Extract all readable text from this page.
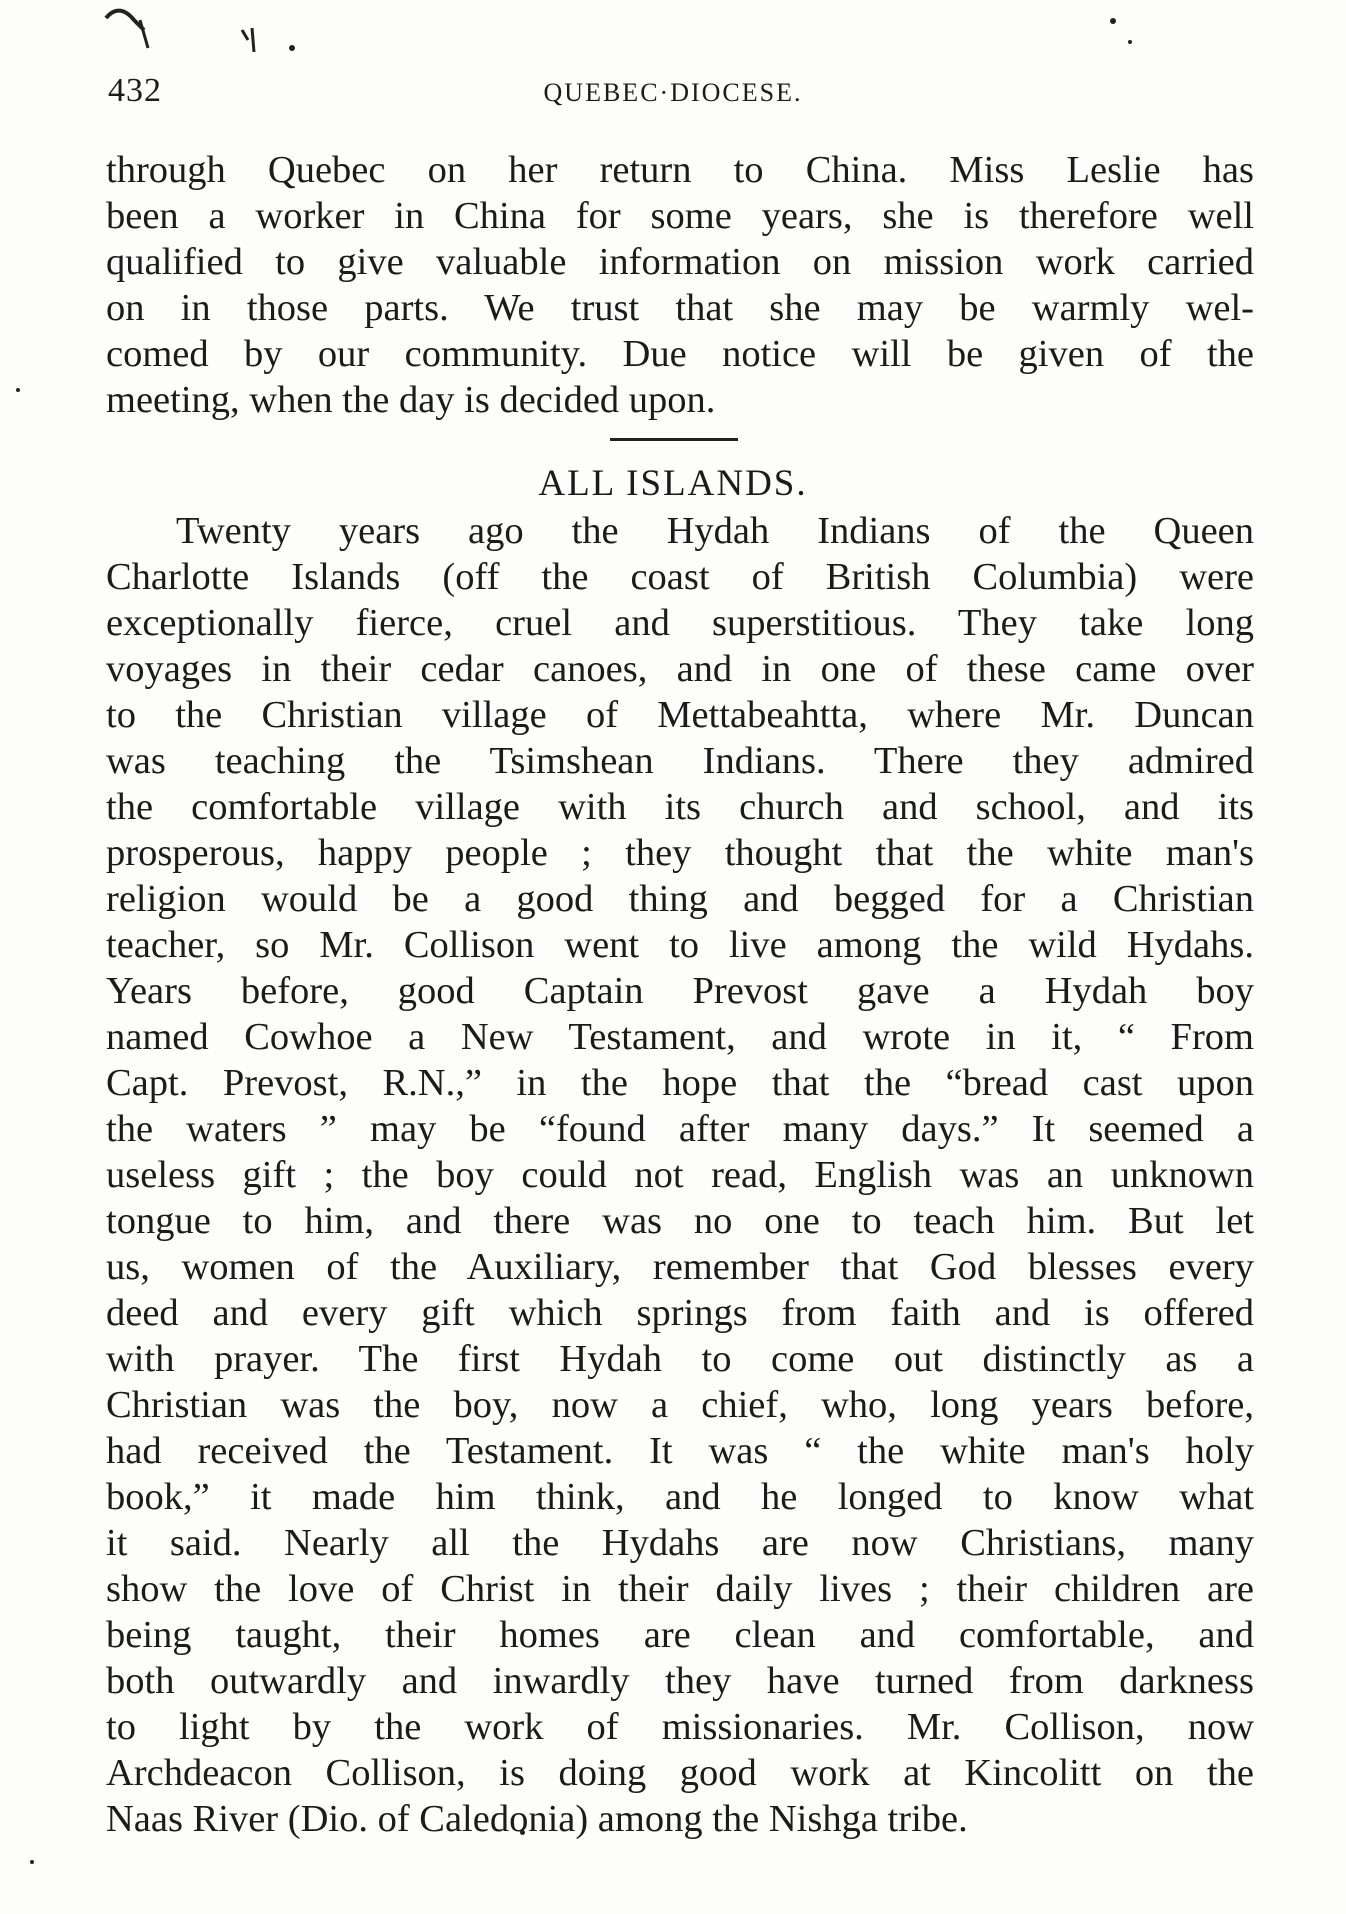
432	QUEBEC·DIOCESE.
through Quebec on her return to China. Miss Leslie has
been a worker in China for some years, she is therefore well
qualified to give valuable information on mission work carried
on in those parts. We trust that she may be warmly wel-
comed by our community. Due notice will be given of the
meeting, when the day is decided upon.
ALL ISLANDS.
Twenty years ago the Hydah Indians of the Queen
Charlotte Islands (off the coast of British Columbia) were
exceptionally fierce, cruel and superstitious. They take long
voyages in their cedar canoes, and in one of these came over
to the Christian village of Mettabeahtta, where Mr. Duncan
was teaching the Tsimshean Indians. There they admired
the comfortable village with its church and school, and its
prosperous, happy people ; they thought that the white man's
religion would be a good thing and begged for a Christian
teacher, so Mr. Collison went to live among the wild Hydahs.
Years before, good Captain Prevost gave a Hydah boy
named Cowhoe a New Testament, and wrote in it, “ From
Capt. Prevost, R.N.,” in the hope that the “bread cast upon
the waters ” may be “found after many days.” It seemed a
useless gift ; the boy could not read, English was an unknown
tongue to him, and there was no one to teach him. But let
us, women of the Auxiliary, remember that God blesses every
deed and every gift which springs from faith and is offered
with prayer. The first Hydah to come out distinctly as a
Christian was the boy, now a chief, who, long years before,
had received the Testament. It was “ the white man's holy
book,” it made him think, and he longed to know what
it said. Nearly all the Hydahs are now Christians, many
show the love of Christ in their daily lives ; their children are
being taught, their homes are clean and comfortable, and
both outwardly and inwardly they have turned from darkness
to light by the work of missionaries. Mr. Collison, now
Archdeacon Collison, is doing good work at Kincolitt on the
Naas River (Dio. of Caledonia) among the Nishga tribe.
